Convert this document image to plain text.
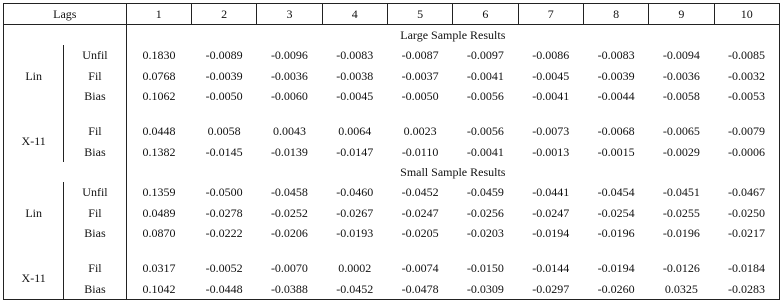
Lags		1	2	3	4	5	6	7	8	9	10
		Large Sample Results									
Lin	Unfil	0.1830	-0.0089	-0.0096	-0.0083	-0.0087	-0.0097	-0.0086	-0.0083	-0.0094	-0.0085
	Fil	0.0768	-0.0039	-0.0036	-0.0038	-0.0037	-0.0041	-0.0045	-0.0039	-0.0036	-0.0032
	Bias	0.1062	-0.0050	-0.0060	-0.0045	-0.0050	-0.0056	-0.0041	-0.0044	-0.0058	-0.0053

X-11	Fil	0.0448	0.0058	0.0043	0.0064	0.0023	-0.0056	-0.0073	-0.0068	-0.0065	-0.0079
	Bias	0.1382	-0.0145	-0.0139	-0.0147	-0.0110	-0.0041	-0.0013	-0.0015	-0.0029	-0.0006
		Small Sample Results									
Lin	Unfil	0.1359	-0.0500	-0.0458	-0.0460	-0.0452	-0.0459	-0.0441	-0.0454	-0.0451	-0.0467
	Fil	0.0489	-0.0278	-0.0252	-0.0267	-0.0247	-0.0256	-0.0247	-0.0254	-0.0255	-0.0250
	Bias	0.0870	-0.0222	-0.0206	-0.0193	-0.0205	-0.0203	-0.0194	-0.0196	-0.0196	-0.0217

X-11	Fil	0.0317	-0.0052	-0.0070	0.0002	-0.0074	-0.0150	-0.0144	-0.0194	-0.0126	-0.0184
	Bias	0.1042	-0.0448	-0.0388	-0.0452	-0.0478	-0.0309	-0.0297	-0.0260	0.0325	-0.0283
